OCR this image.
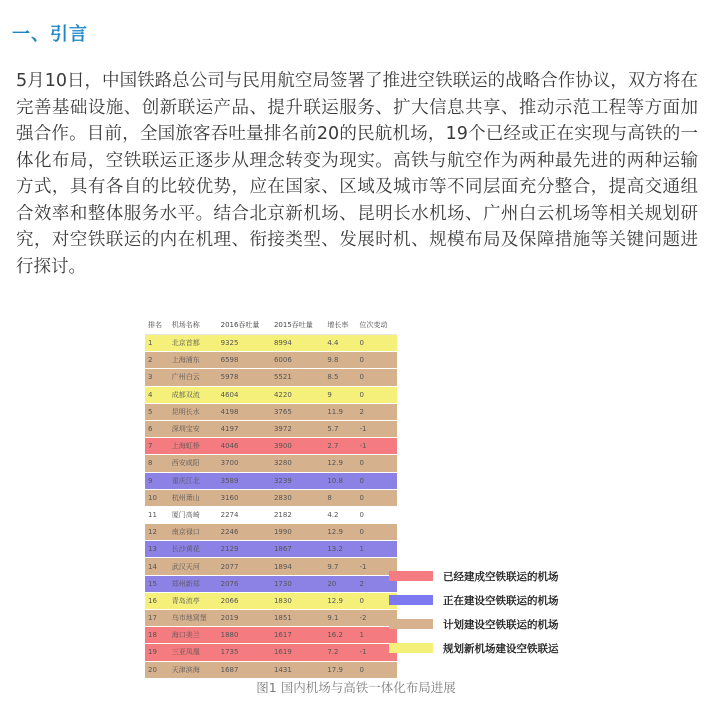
一、引言
5月10日，中国铁路总公司与民用航空局签署了推进空铁联运的战略合作协议，双方将在完善基础设施、创新联运产品、提升联运服务、扩大信息共享、推动示范工程等方面加强合作。目前，全国旅客吞吐量排名前20的民航机场，19个已经或正在实现与高铁的一体化布局，空铁联运正逐步从理念转变为现实。高铁与航空作为两种最先进的两种运输方式，具有各自的比较优势，应在国家、区域及城市等不同层面充分整合，提高交通组合效率和整体服务水平。结合北京新机场、昆明长水机场、广州白云机场等相关规划研究，对空铁联运的内在机理、衔接类型、发展时机、规模布局及保障措施等关键问题进行探讨。
排名	机场名称	2016吞吐量	2015吞吐量	增长率	位次变动
1	北京首都	9325	8994	4.4	0
2	上海浦东	6598	6006	9.8	0
3	广州白云	5978	5521	8.5	0
4	成都双流	4604	4220	9	0
5	昆明长水	4198	3765	11.9	2
6	深圳宝安	4197	3972	5.7	-1
7	上海虹桥	4046	3900	2.7	-1
8	西安咸阳	3700	3280	12.9	0
9	重庆江北	3589	3239	10.8	0
10	杭州萧山	3160	2830	8	0
11	厦门高崎	2274	2182	4.2	0
12	南京禄口	2246	1990	12.9	0
13	长沙黄花	2129	1867	13.2	1
14	武汉天河	2077	1894	9.7	-1
15	郑州新郑	2076	1730	20	2
16	青岛流亭	2066	1830	12.9	0
17	乌市地窝堡	2019	1851	9.1	-2
18	海口美兰	1880	1617	16.2	1
19	三亚凤凰	1735	1619	7.2	-1
20	天津滨海	1687	1431	17.9	0
已经建成空铁联运的机场
正在建设空铁联运的机场
计划建设空铁联运的机场
规划新机场建设空铁联运
图1 国内机场与高铁一体化布局进展
